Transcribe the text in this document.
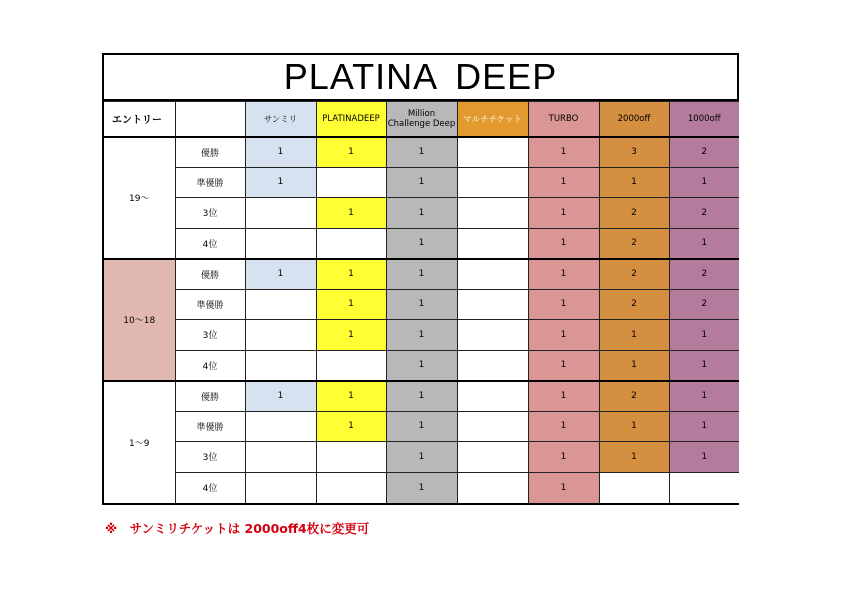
PLATINA DEEP
エントリー		サンミリ	PLATINADEEP	Million Challenge Deep	マルチチケット	TURBO	2000off	1000off
19～	優勝	1	1	1		1	3	2
	準優勝	1		1		1	1	1
	3位		1	1		1	2	2
	4位			1		1	2	1
10～18	優勝	1	1	1		1	2	2
	準優勝		1	1		1	2	2
	3位		1	1		1	1	1
	4位			1		1	1	1
1～9	優勝	1	1	1		1	2	1
	準優勝		1	1		1	1	1
	3位			1		1	1	1
	4位			1		1		
※　サンミリチケットは 2000off4枚に変更可
